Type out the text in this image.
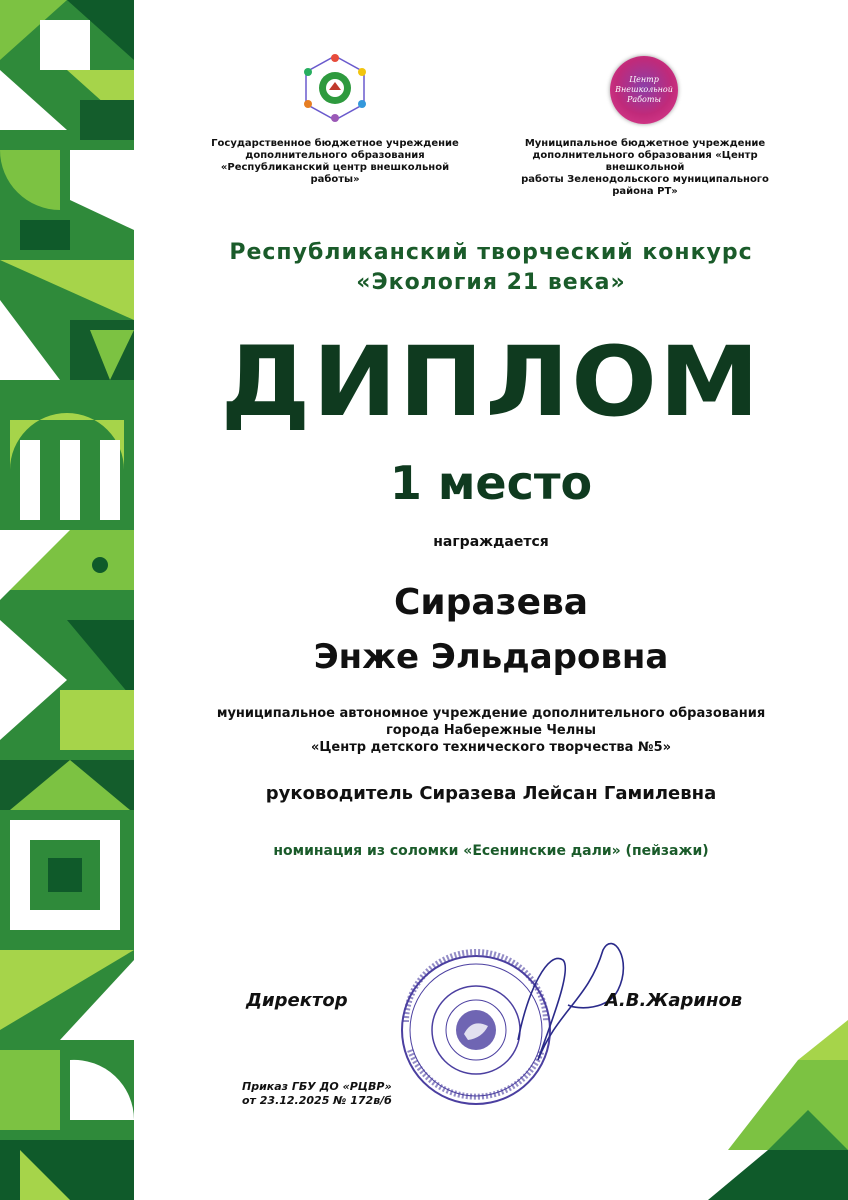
Государственное бюджетное учреждение
дополнительного образования
«Республиканский центр внешкольной работы»
Центр
Внешкольной
Работы
Муниципальное бюджетное учреждение
дополнительного образования «Центр внешкольной
работы Зеленодольского муниципального района РТ»
Республиканский творческий конкурс
«Экология 21 века»
ДИПЛОМ
1 место
награждается
Сиразева
Энже Эльдаровна
муниципальное автономное учреждение дополнительного образования
города Набережные Челны
«Центр детского технического творчества №5»
руководитель Сиразева Лейсан Гамилевна
номинация из соломки «Есенинские дали» (пейзажи)
Директор	А.В.Жаринов
Приказ ГБУ ДО «РЦВР»
от 23.12.2025 № 172в/б
